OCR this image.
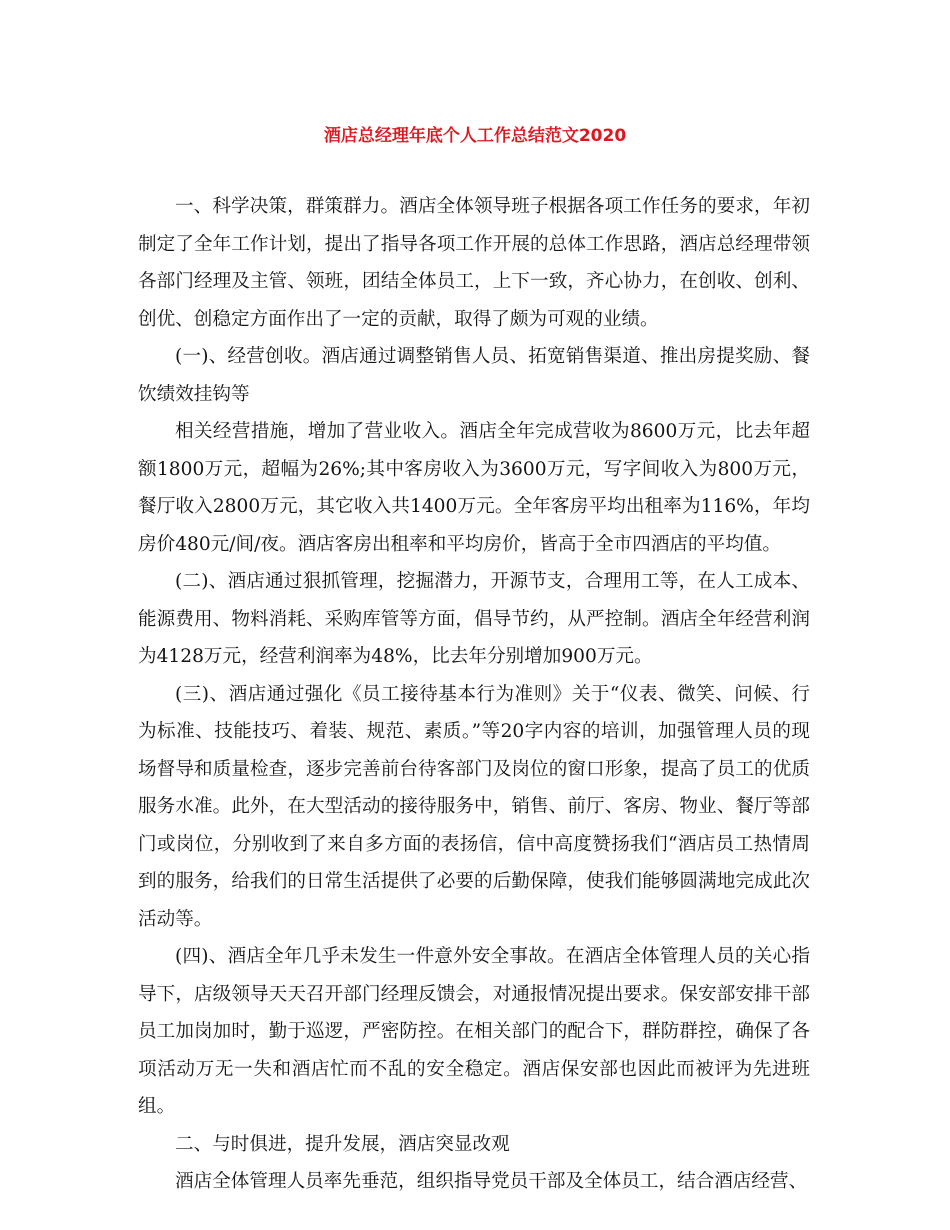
酒店总经理年底个人工作总结范文2020

一、科学决策，群策群力。酒店全体领导班子根据各项工作任务的要求，年初制定了全年工作计划，提出了指导各项工作开展的总体工作思路，酒店总经理带领各部门经理及主管、领班，团结全体员工，上下一致，齐心协力，在创收、创利、创优、创稳定方面作出了一定的贡献，取得了颇为可观的业绩。

(一)、经营创收。酒店通过调整销售人员、拓宽销售渠道、推出房提奖励、餐饮绩效挂钩等

相关经营措施，增加了营业收入。酒店全年完成营收为8600万元，比去年超额1800万元，超幅为26%;其中客房收入为3600万元，写字间收入为800万元，餐厅收入2800万元，其它收入共1400万元。全年客房平均出租率为116%，年均房价480元/间/夜。酒店客房出租率和平均房价，皆高于全市四酒店的平均值。

(二)、酒店通过狠抓管理，挖掘潜力，开源节支，合理用工等，在人工成本、能源费用、物料消耗、采购库管等方面，倡导节约，从严控制。酒店全年经营利润为4128万元，经营利润率为48%，比去年分别增加900万元。

(三)、酒店通过强化《员工接待基本行为准则》关于“仪表、微笑、问候、行为标准、技能技巧、着装、规范、素质。”等20字内容的培训，加强管理人员的现场督导和质量检查，逐步完善前台待客部门及岗位的窗口形象，提高了员工的优质服务水准。此外，在大型活动的接待服务中，销售、前厅、客房、物业、餐厅等部门或岗位，分别收到了来自多方面的表扬信，信中高度赞扬我们“酒店员工热情周到的服务，给我们的日常生活提供了必要的后勤保障，使我们能够圆满地完成此次活动等。

(四)、酒店全年几乎未发生一件意外安全事故。在酒店全体管理人员的关心指导下，店级领导天天召开部门经理反馈会，对通报情况提出要求。保安部安排干部员工加岗加时，勤于巡逻，严密防控。在相关部门的配合下，群防群控，确保了各项活动万无一失和酒店忙而不乱的安全稳定。酒店保安部也因此而被评为先进班组。

二、与时俱进，提升发展，酒店突显改观

酒店全体管理人员率先垂范，组织指导党员干部及全体员工，结合酒店经营、
